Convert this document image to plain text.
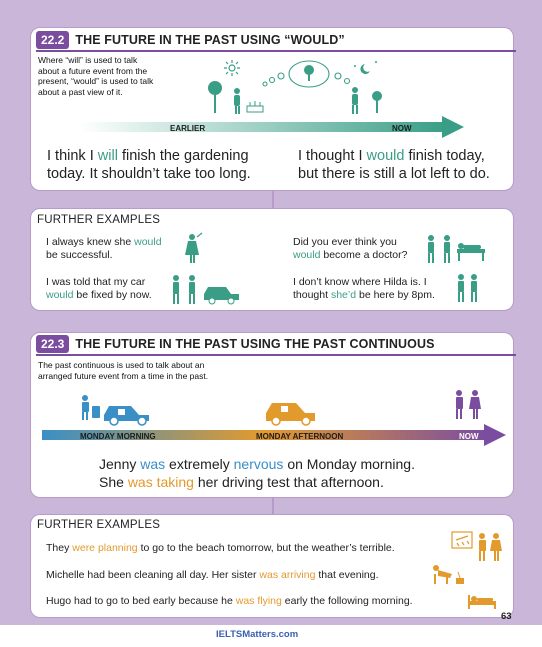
22.2 THE FUTURE IN THE PAST USING “WOULD”
Where “will” is used to talk
about a future event from the
present, “would” is used to talk
about a past view of it.
EARLIER	NOW
I think I will finish the gardening
today. It shouldn’t take too long.
I thought I would finish today,
but there is still a lot left to do.
FURTHER EXAMPLES
I always knew she would
be successful.
I was told that my car
would be fixed by now.
Did you ever think you
would become a doctor?
I don’t know where Hilda is. I
thought she’d be here by 8pm.
22.3 THE FUTURE IN THE PAST USING THE PAST CONTINUOUS
The past continuous is used to talk about an
arranged future event from a time in the past.
MONDAY MORNING	MONDAY AFTERNOON	NOW
Jenny was extremely nervous on Monday morning.
She was taking her driving test that afternoon.
FURTHER EXAMPLES
They were planning to go to the beach tomorrow, but the weather’s terrible.
Michelle had been cleaning all day. Her sister was arriving that evening.
Hugo had to go to bed early because he was flying early the following morning.
63
IELTSMatters.com
